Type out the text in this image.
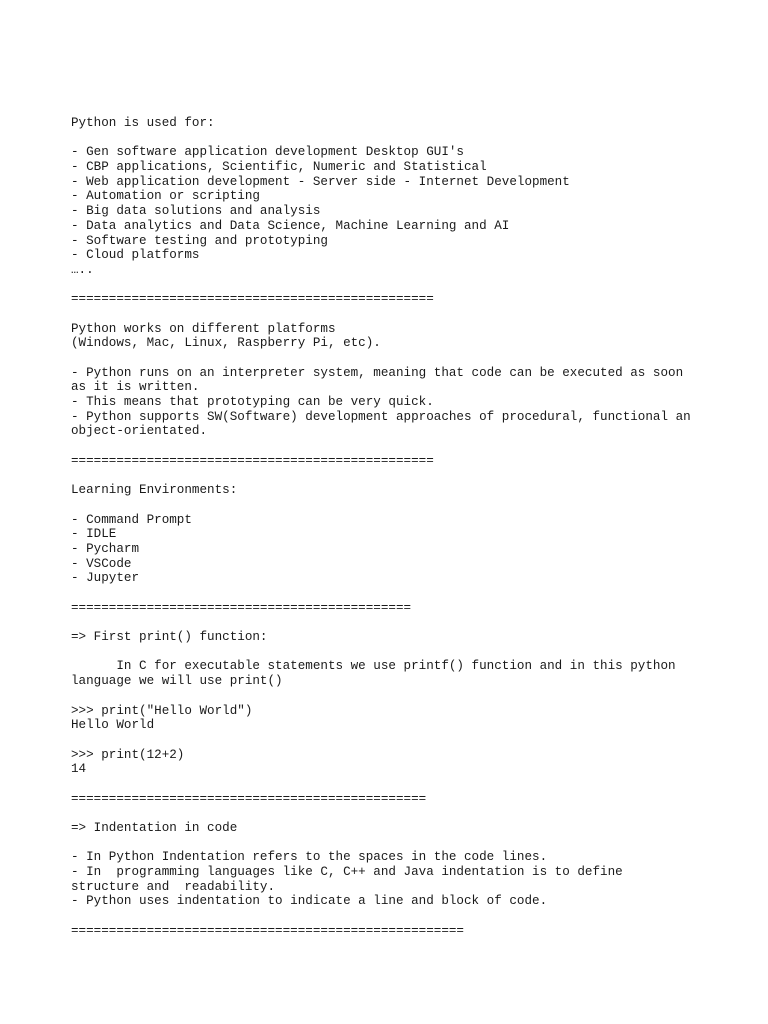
Python is used for:

- Gen software application development Desktop GUI's
- CBP applications, Scientific, Numeric and Statistical
- Web application development - Server side - Internet Development
- Automation or scripting
- Big data solutions and analysis
- Data analytics and Data Science, Machine Learning and AI
- Software testing and prototyping
- Cloud platforms
…..

================================================

Python works on different platforms
(Windows, Mac, Linux, Raspberry Pi, etc).

- Python runs on an interpreter system, meaning that code can be executed as soon
as it is written.
- This means that prototyping can be very quick.
- Python supports SW(Software) development approaches of procedural, functional an
object-orientated.

================================================

Learning Environments:

- Command Prompt
- IDLE
- Pycharm
- VSCode
- Jupyter

=============================================

=> First print() function:

In C for executable statements we use printf() function and in this python
language we will use print()

>>> print("Hello World")
Hello World

>>> print(12+2)
14

===============================================

=> Indentation in code

- In Python Indentation refers to the spaces in the code lines.
- In  programming languages like C, C++ and Java indentation is to define
structure and  readability.
- Python uses indentation to indicate a line and block of code.

====================================================
